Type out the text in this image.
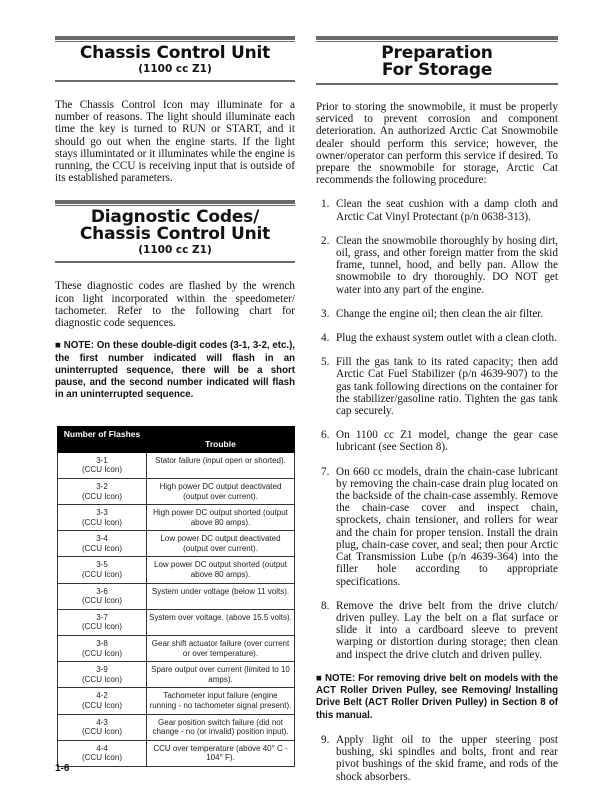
Chassis Control Unit
(1100 cc Z1)

The Chassis Control Icon may illuminate for a number of reasons. The light should illuminate each time the key is turned to RUN or START, and it should go out when the engine starts. If the light stays illumintated or it illuminates while the engine is running, the CCU is receiving input that is outside of its established parameters.

Diagnostic Codes/
Chassis Control Unit
(1100 cc Z1)

These diagnostic codes are flashed by the wrench icon light incorporated within the speedometer/ tachometer. Refer to the following chart for diagnostic code sequences.

■ NOTE: On these double-digit codes (3-1, 3-2, etc.), the first number indicated will flash in an uninterrupted sequence, there will be a short pause, and the second number indicated will flash in an uninterrupted sequence.

Number of Flashes	Trouble

3-1
(CCU Icon)	Stator failure (input open or shorted).

3-2
(CCU Icon)	High power DC output deactivated (output over current).

3-3
(CCU Icon)	High power DC output shorted (output above 80 amps).

3-4
(CCU Icon)	Low power DC output deactivated (output over current).

3-5
(CCU Icon)	Low power DC output shorted (output above 80 amps).

3-6
(CCU Icon)	System under voltage (below 11 volts).

3-7
(CCU Icon)	System over voltage. (above 15.5 volts).

3-8
(CCU Icon)	Gear shift actuator failure (over current or over temperature).

3-9
(CCU Icon)	Spare output over current (limited to 10 amps).

4-2
(CCU Icon)	Tachometer input failure (engine running - no tachometer signal present).

4-3
(CCU Icon)	Gear position switch failure (did not change - no (or invalid) position input).

4-4
(CCU Icon)	CCU over temperature (above 40° C - 104° F).
Preparation
For Storage

Prior to storing the snowmobile, it must be properly serviced to prevent corrosion and component deterioration. An authorized Arctic Cat Snowmobile dealer should perform this service; however, the owner/operator can perform this service if desired. To prepare the snowmobile for storage, Arctic Cat recommends the following procedure:

1. Clean the seat cushion with a damp cloth and Arctic Cat Vinyl Protectant (p/n 0638-313).
2. Clean the snowmobile thoroughly by hosing dirt, oil, grass, and other foreign matter from the skid frame, tunnel, hood, and belly pan. Allow the snowmobile to dry thoroughly. DO NOT get water into any part of the engine.
3. Change the engine oil; then clean the air filter.
4. Plug the exhaust system outlet with a clean cloth.
5. Fill the gas tank to its rated capacity; then add Arctic Cat Fuel Stabilizer (p/n 4639-907) to the gas tank following directions on the container for the stabilizer/gasoline ratio. Tighten the gas tank cap securely.
6. On 1100 cc Z1 model, change the gear case lubricant (see Section 8).
7. On 660 cc models, drain the chain-case lubricant by removing the chain-case drain plug located on the backside of the chain-case assembly. Remove the chain-case cover and inspect chain, sprockets, chain tensioner, and rollers for wear and the chain for proper tension. Install the drain plug, chain-case cover, and seal; then pour Arctic Cat Transmission Lube (p/n 4639-364) into the filler hole according to appropriate specifications.
8. Remove the drive belt from the drive clutch/ driven pulley. Lay the belt on a flat surface or slide it into a cardboard sleeve to prevent warping or distortion during storage; then clean and inspect the drive clutch and driven pulley.

■ NOTE: For removing drive belt on models with the ACT Roller Driven Pulley, see Removing/ Installing Drive Belt (ACT Roller Driven Pulley) in Section 8 of this manual.

9. Apply light oil to the upper steering post bushing, ski spindles and bolts, front and rear pivot bushings of the skid frame, and rods of the shock absorbers.
1-6
